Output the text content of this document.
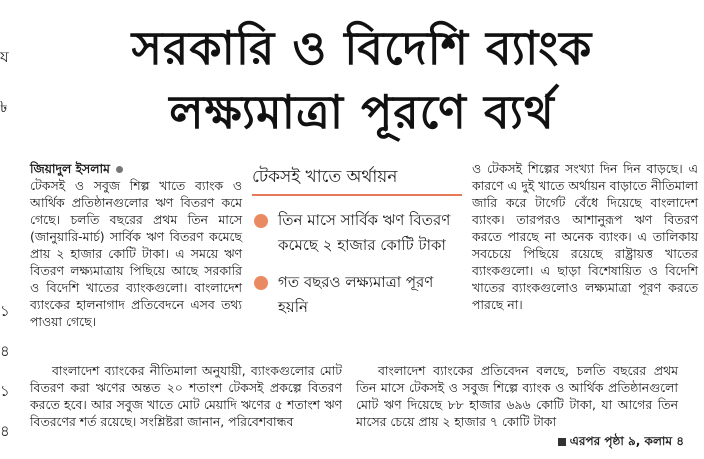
য
৳
১
৪
১
৪
সরকারি ও বিদেশি ব্যাংক
লক্ষ্যমাত্রা পূরণে ব্যর্থ
জিয়াদুল ইসলাম
টেকসই ও সবুজ শিল্প খাতে ব্যাংক ও আর্থিক প্রতিষ্ঠানগুলোর ঋণ বিতরণ কমে গেছে। চলতি বছরের প্রথম তিন মাসে (জানুয়ারি-মার্চ) সার্বিক ঋণ বিতরণ কমেছে প্রায় ২ হাজার কোটি টাকা। এ সময়ে ঋণ বিতরণ লক্ষ্যমাত্রায় পিছিয়ে আছে সরকারি ও বিদেশি খাতের ব্যাংকগুলো। বাংলাদেশ ব্যাংকের হালনাগাদ প্রতিবেদনে এসব তথ্য পাওয়া গেছে।
টেকসই খাতে অর্থায়ন
তিন মাসে সার্বিক ঋণ বিতরণ কমেছে ২ হাজার কোটি টাকা
গত বছরও লক্ষ্যমাত্রা পূরণ হয়নি
ও টেকসই শিল্পের সংখ্যা দিন দিন বাড়ছে। এ কারণে এ দুই খাতে অর্থায়ন বাড়াতে নীতিমালা জারি করে টার্গেট বেঁধে দিয়েছে বাংলাদেশ ব্যাংক। তারপরও আশানুরূপ ঋণ বিতরণ করতে পারছে না অনেক ব্যাংক। এ তালিকায় সবচেয়ে পিছিয়ে রয়েছে রাষ্ট্রায়ত্ত খাতের ব্যাংকগুলো। এ ছাড়া বিশেষায়িত ও বিদেশি খাতের ব্যাংকগুলোও লক্ষ্যমাত্রা পূরণ করতে পারছে না।
বাংলাদেশ ব্যাংকের নীতিমালা অনুযায়ী, ব্যাংকগুলোর মোট বিতরণ করা ঋণের অন্তত ২০ শতাংশ টেকসই প্রকল্পে বিতরণ করতে হবে। আর সবুজ খাতে মোট মেয়াদি ঋণের ৫ শতাংশ ঋণ বিতরণের শর্ত রয়েছে। সংশ্লিষ্টরা জানান, পরিবেশবান্ধব
বাংলাদেশ ব্যাংকের প্রতিবেদন বলছে, চলতি বছরের প্রথম তিন মাসে টেকসই ও সবুজ শিল্পে ব্যাংক ও আর্থিক প্রতিষ্ঠানগুলো মোট ঋণ দিয়েছে ৮৮ হাজার ৬৯৬ কোটি টাকা, যা আগের তিন মাসের চেয়ে প্রায় ২ হাজার ৭ কোটি টাকা
এরপর পৃষ্ঠা ৯, কলাম ৪
